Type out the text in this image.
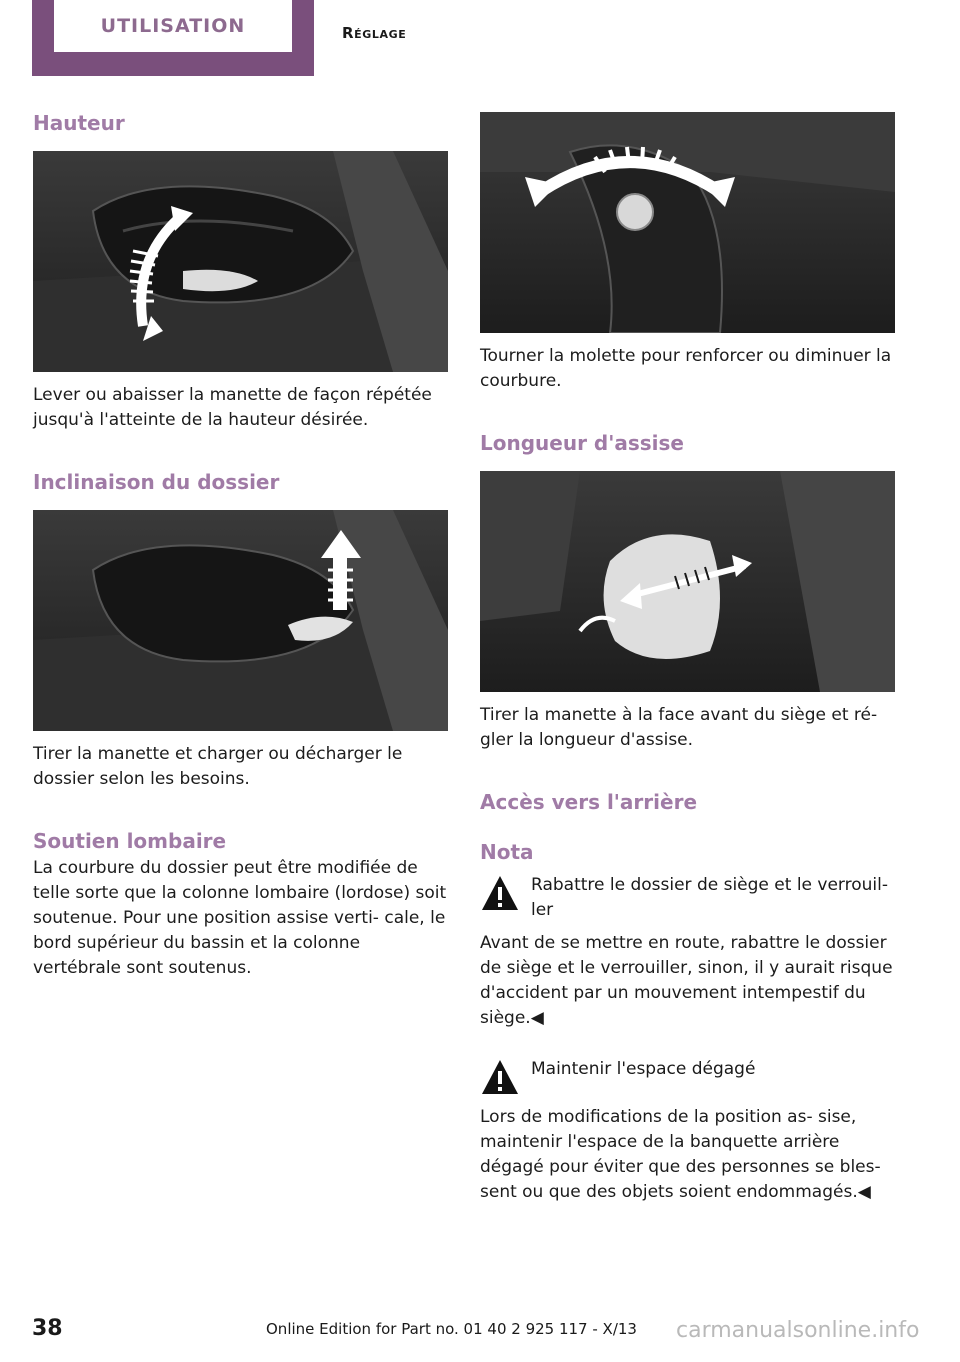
UTILISATION	Réglage
Hauteur

Lever ou abaisser la manette de façon répétée jusqu'à l'atteinte de la hauteur désirée.

Inclinaison du dossier

Tirer la manette et charger ou décharger le dossier selon les besoins.

Soutien lombaire

La courbure du dossier peut être modifiée de telle sorte que la colonne lombaire (lordose) soit soutenue. Pour une position assise verti‐ cale, le bord supérieur du bassin et la colonne vertébrale sont soutenus.

Tourner la molette pour renforcer ou diminuer la courbure.

Longueur d'assise

Tirer la manette à la face avant du siège et ré‐ gler la longueur d'assise.

Accès vers l'arrière
Nota
Rabattre le dossier de siège et le verrouil‐ ler

Avant de se mettre en route, rabattre le dossier de siège et le verrouiller, sinon, il y aurait risque d'accident par un mouvement intempestif du siège.◀

Maintenir l'espace dégagé

Lors de modifications de la position as‐ sise, maintenir l'espace de la banquette arrière dégagé pour éviter que des personnes se bles‐ sent ou que des objets soient endommagés.◀

38	Online Edition for Part no. 01 40 2 925 117 - X/13 carmanualsonline.info
